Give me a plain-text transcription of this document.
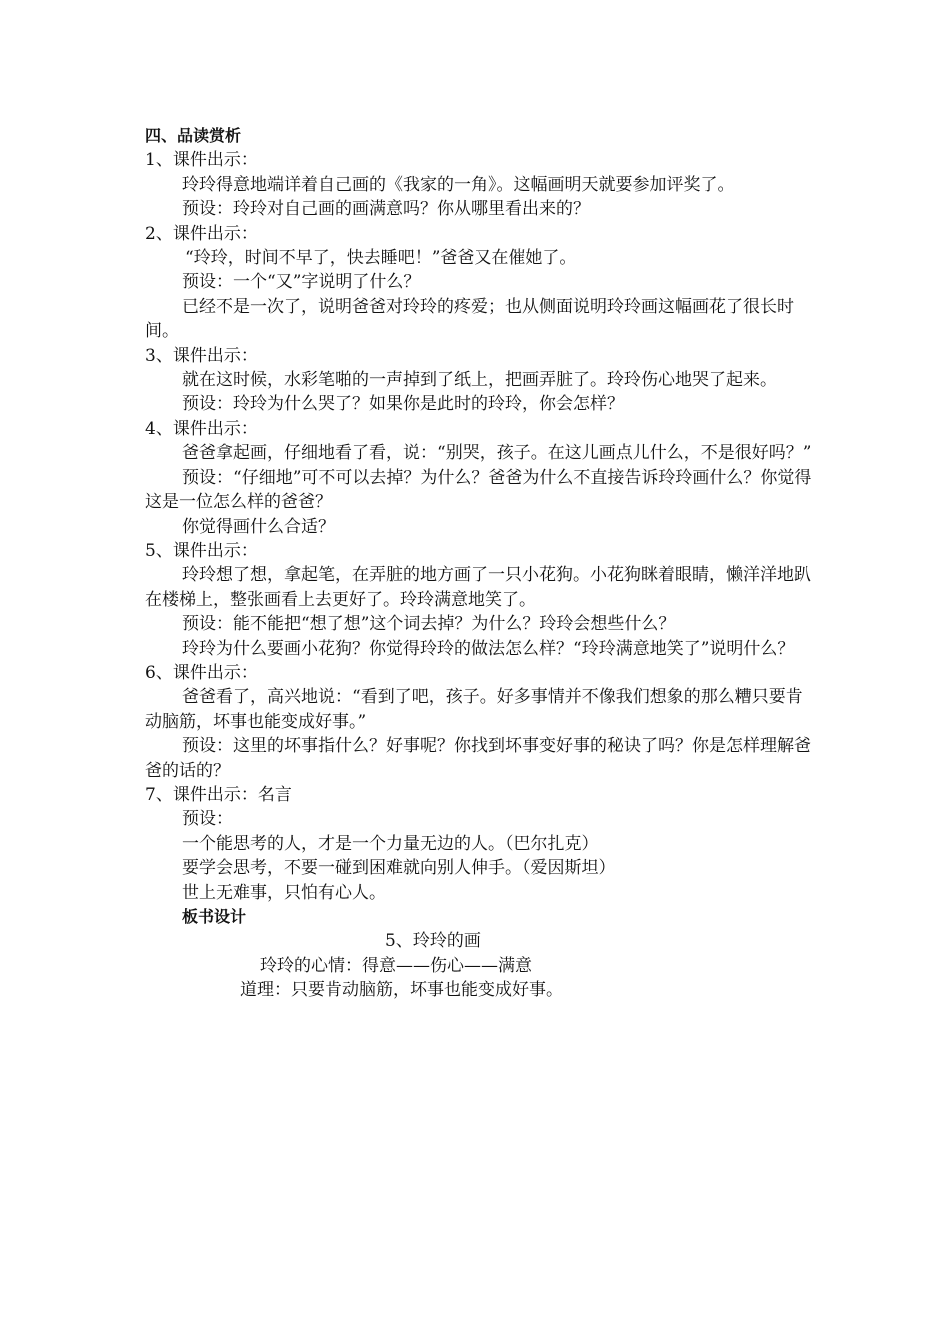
四、品读赏析

1、课件出示：

玲玲得意地端详着自己画的《我家的一角》。这幅画明天就要参加评奖了。

预设：玲玲对自己画的画满意吗？你从哪里看出来的？

2、课件出示：

“玲玲，时间不早了，快去睡吧！”爸爸又在催她了。

预设：一个“又”字说明了什么？

已经不是一次了，说明爸爸对玲玲的疼爱；也从侧面说明玲玲画这幅画花了很长时间。

3、课件出示：

就在这时候，水彩笔啪的一声掉到了纸上，把画弄脏了。玲玲伤心地哭了起来。

预设：玲玲为什么哭了？如果你是此时的玲玲，你会怎样？

4、课件出示：

爸爸拿起画，仔细地看了看，说：“别哭，孩子。在这儿画点儿什么，不是很好吗？”

预设：“仔细地”可不可以去掉？为什么？爸爸为什么不直接告诉玲玲画什么？你觉得这是一位怎么样的爸爸？

你觉得画什么合适？

5、课件出示：

玲玲想了想，拿起笔，在弄脏的地方画了一只小花狗。小花狗眯着眼睛，懒洋洋地趴在楼梯上，整张画看上去更好了。玲玲满意地笑了。

预设：能不能把“想了想”这个词去掉？为什么？玲玲会想些什么？

玲玲为什么要画小花狗？你觉得玲玲的做法怎么样？“玲玲满意地笑了”说明什么？

6、课件出示：

爸爸看了，高兴地说：“看到了吧，孩子。好多事情并不像我们想象的那么糟只要肯动脑筋，坏事也能变成好事。”

预设：这里的坏事指什么？好事呢？你找到坏事变好事的秘诀了吗？你是怎样理解爸爸的话的？

7、课件出示：名言

预设：

一个能思考的人，才是一个力量无边的人。（巴尔扎克）

要学会思考，不要一碰到困难就向别人伸手。（爱因斯坦）

世上无难事，只怕有心人。

板书设计

5、玲玲的画

玲玲的心情：得意——伤心——满意

道理：只要肯动脑筋，坏事也能变成好事。
